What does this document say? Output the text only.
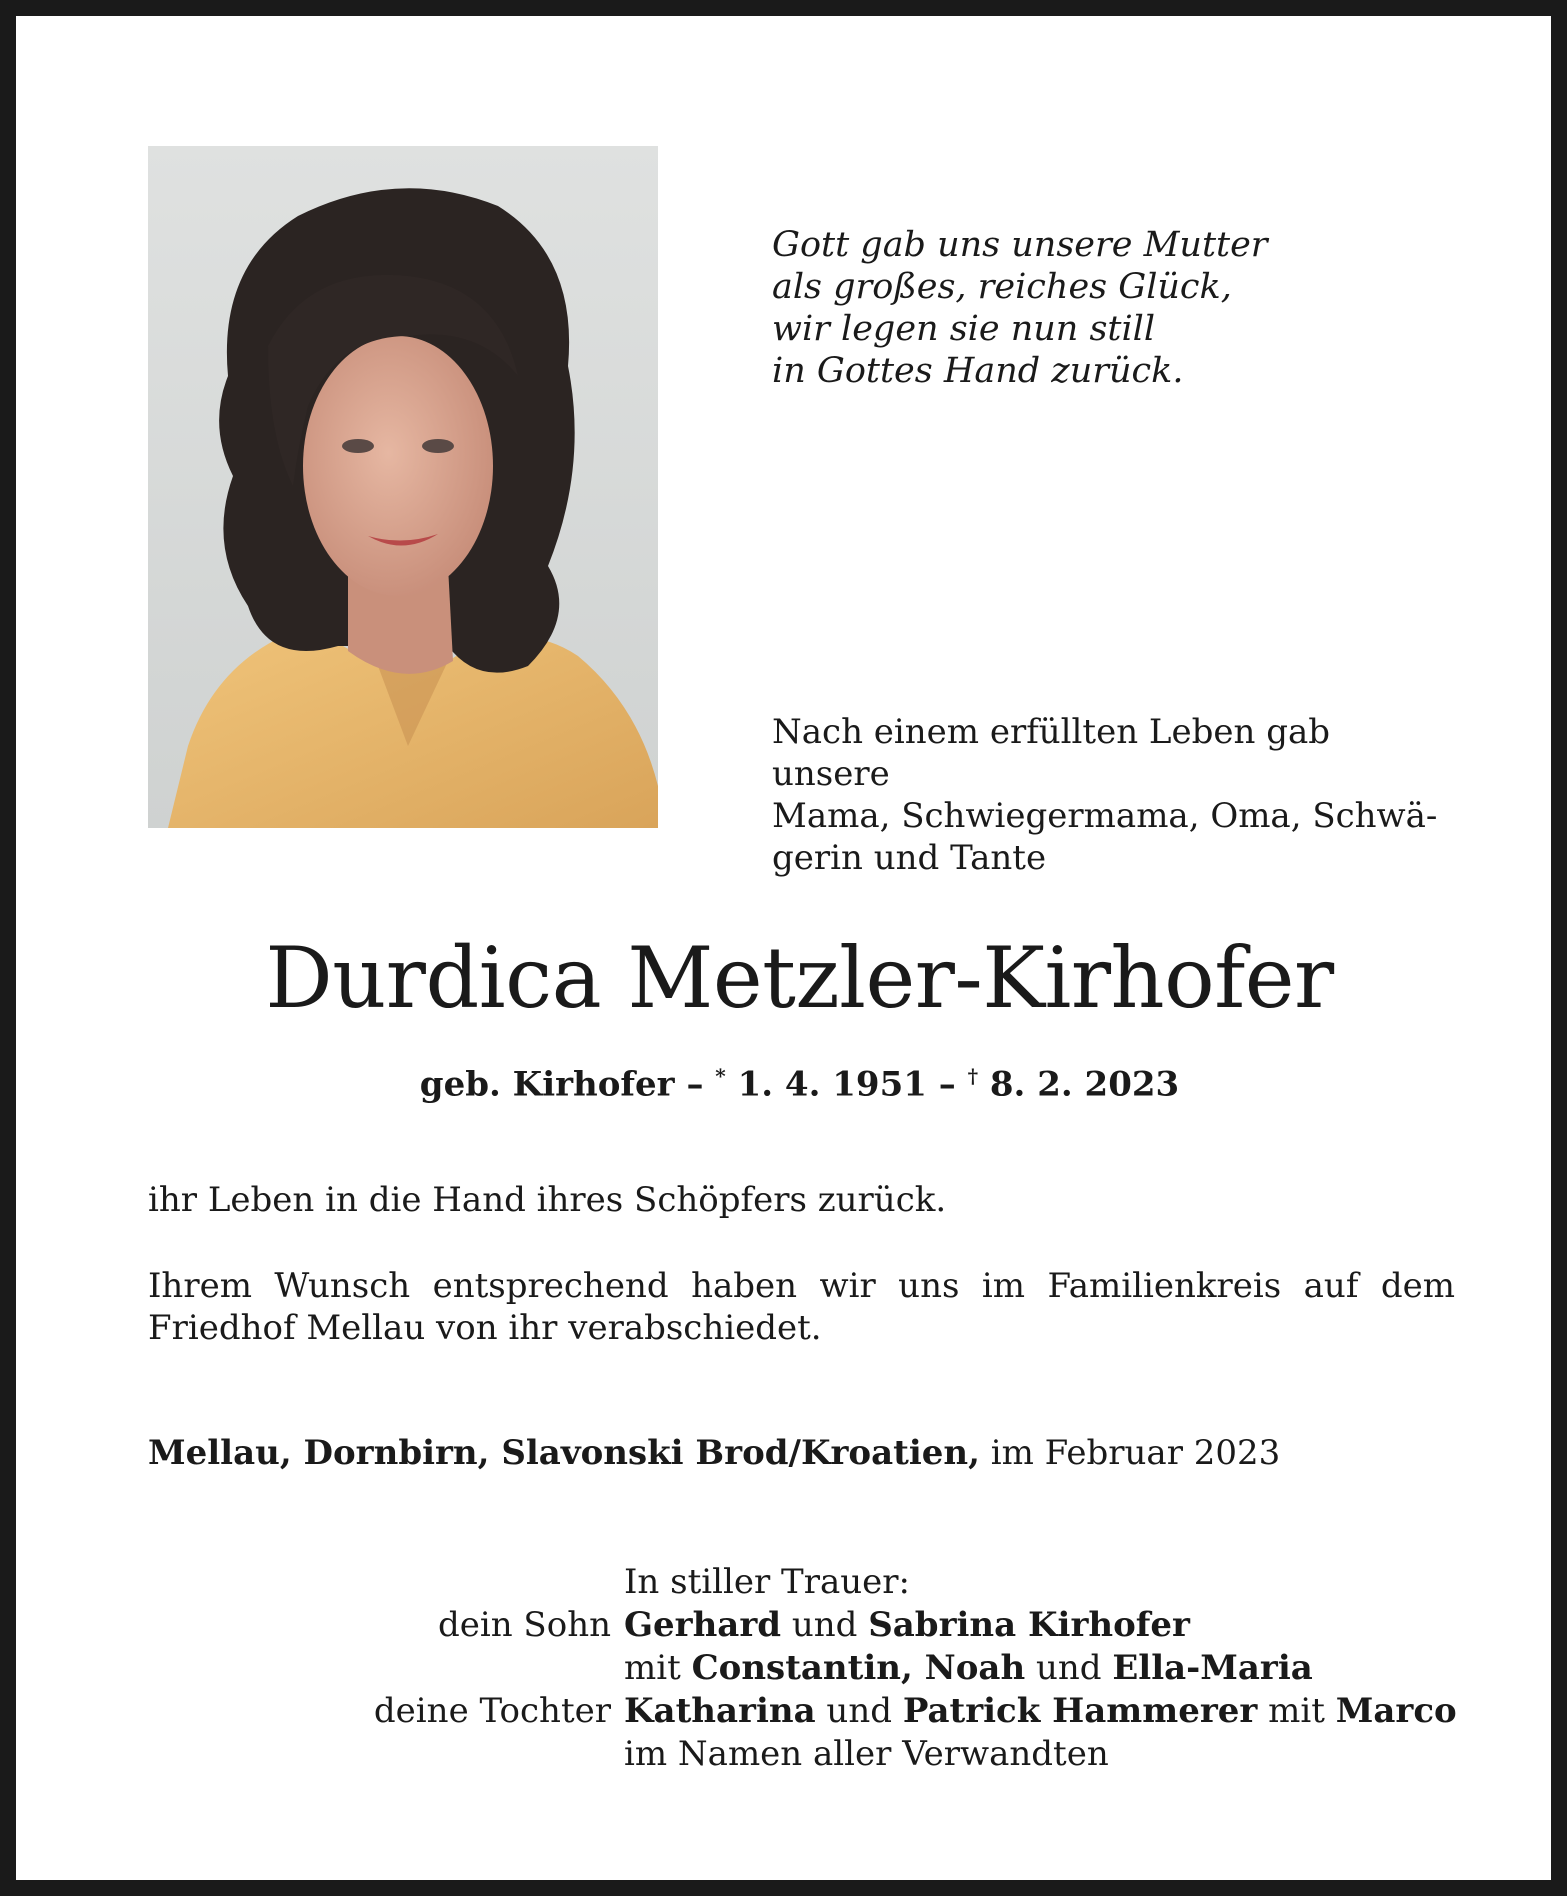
Gott gab uns unsere Mutter
als großes, reiches Glück,
wir legen sie nun still
in Gottes Hand zurück.
Nach einem erfüllten Leben gab unsere
Mama, Schwiegermama, Oma, Schwä-
gerin und Tante
Durdica Metzler-Kirhofer
geb. Kirhofer – * 1. 4. 1951 – † 8. 2. 2023
ihr Leben in die Hand ihres Schöpfers zurück.
Ihrem Wunsch entsprechend haben wir uns im Familienkreis auf dem Friedhof Mellau von ihr verabschiedet.
Mellau, Dornbirn, Slavonski Brod/Kroatien, im Februar 2023
In stiller Trauer:
dein Sohn Gerhard und Sabrina Kirhofer
mit Constantin, Noah und Ella-Maria
deine Tochter Katharina und Patrick Hammerer mit Marco
im Namen aller Verwandten
